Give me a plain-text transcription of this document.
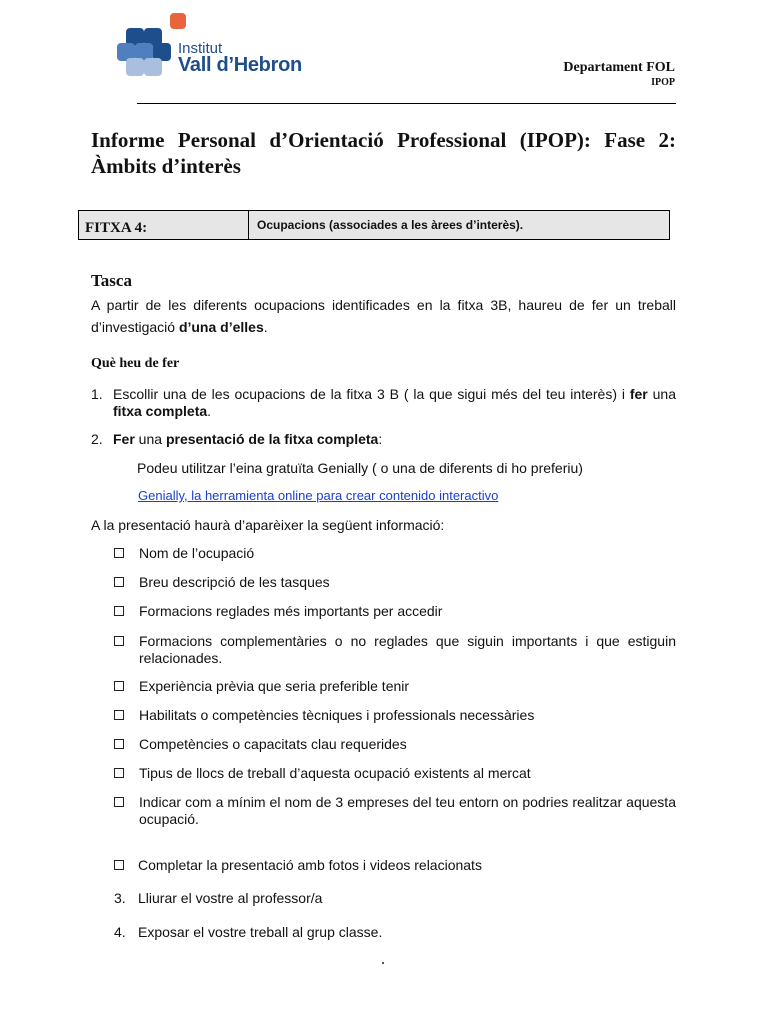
Institut
Vall d’Hebron	Departament FOL
IPOP
Informe Personal d’Orientació Professional (IPOP): Fase 2: Àmbits d’interès
FITXA 4:	Ocupacions (associades a les àrees d’interès).
Tasca
A partir de les diferents ocupacions identificades en la fitxa 3B, haureu de fer un treball d’investigació d’una d’elles.
Què heu de fer
1. Escollir una de les ocupacions de la fitxa 3 B ( la que sigui més del teu interès) i fer una fitxa completa.
2. Fer una presentació de la fitxa completa:
Podeu utilitzar l’eina gratuïta Genially ( o una de diferents di ho preferiu)
Genially, la herramienta online para crear contenido interactivo
A la presentació haurà d’aparèixer la següent informació:
Nom de l’ocupació
Breu descripció de les tasques
Formacions reglades més importants per accedir
Formacions complementàries o no reglades que siguin importants i que estiguin relacionades.
Experiència prèvia que seria preferible tenir
Habilitats o competències tècniques i professionals necessàries
Competències o capacitats clau requerides
Tipus de llocs de treball d’aquesta ocupació existents al mercat
Indicar com a mínim el nom de 3 empreses del teu entorn on podries realitzar aquesta ocupació.
Completar la presentació amb fotos i videos relacionats
3. Lliurar el vostre al professor/a
4. Exposar el vostre treball al grup classe.
